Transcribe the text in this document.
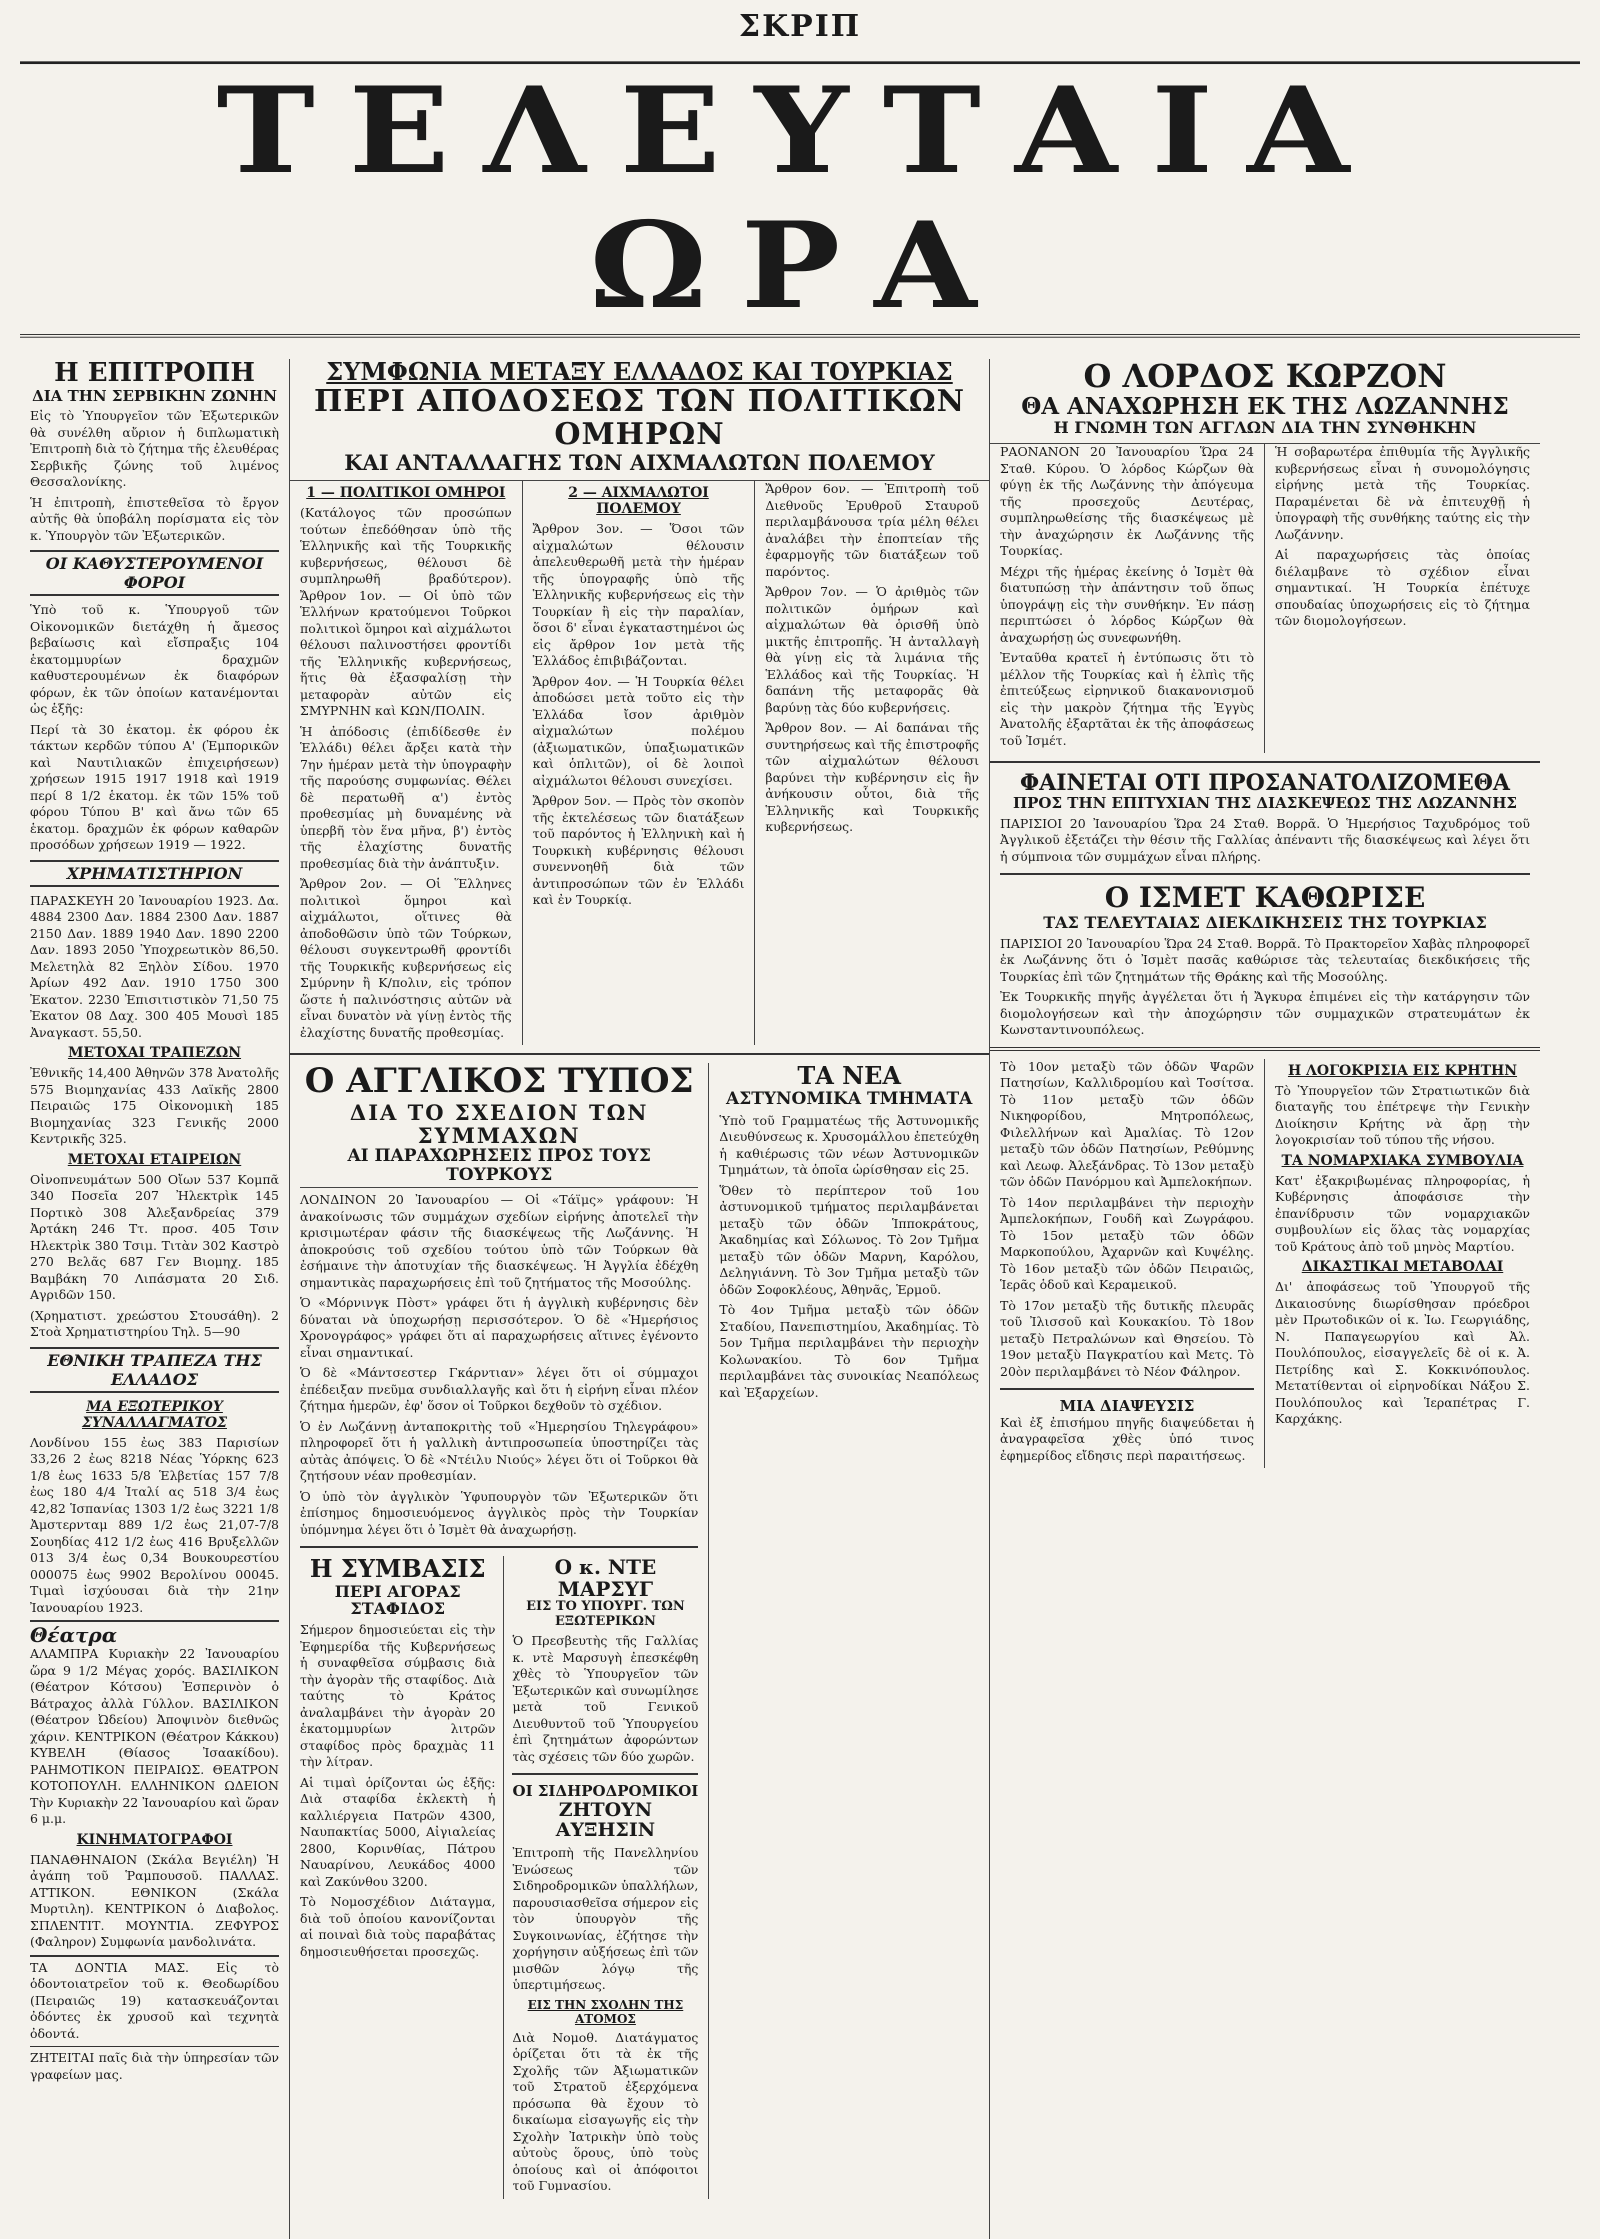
ΣΚΡΙΠ
ΤΕΛΕΥΤΑΙΑ ΩΡΑ
Η ΕΠΙΤΡΟΠΗ
ΔΙΑ ΤΗΝ ΣΕΡΒΙΚΗΝ ΖΩΝΗΝ

Εἰς τὸ Ὑπουργεῖον τῶν Ἐξωτερικῶν θὰ συνέλθη αὔριον ἡ διπλωματικὴ Ἐπιτροπὴ διὰ τὸ ζήτημα τῆς ἐλευθέρας Σερβικῆς ζώνης τοῦ λιμένος Θεσσαλονίκης.

Ἡ ἐπιτροπὴ, ἐπιστεθεῖσα τὸ ἔργον αὐτῆς θὰ ὑποβάλη πορίσματα εἰς τὸν κ. Ὑπουργὸν τῶν Ἐξωτερικῶν.

ΟΙ ΚΑΘΥΣΤΕΡΟΥΜΕΝΟΙ ΦΟΡΟΙ

Ὑπὸ τοῦ κ. Ὑπουργοῦ τῶν Οἰκονομικῶν διετάχθη ἡ ἄμεσος βεβαίωσις καὶ εἴσπραξις 104 ἑκατομμυρίων δραχμῶν καθυστερουμένων ἐκ διαφόρων φόρων, ἐκ τῶν ὁποίων κατανέμονται ὡς ἑξῆς:

Περί τὰ 30 ἑκατομ. ἐκ φόρου ἐκ τάκτων κερδῶν τύπου Α' (Ἐμπορικῶν καὶ Ναυτιλιακῶν ἐπιχειρήσεων) χρήσεων 1915 1917 1918 καὶ 1919 περί 8 1/2 ἑκατομ. ἐκ τῶν 15% τοῦ φόρου Τύπου Β' καὶ ἄνω τῶν 65 ἑκατομ. δραχμῶν ἐκ φόρων καθαρῶν προσόδων χρήσεων 1919 — 1922.

ΧΡΗΜΑΤΙΣΤΗΡΙΟΝ

ΠΑΡΑΣΚΕΥΗ 20 Ἰανουαρίου 1923. Δα. 4884 2300 Δαν. 1884 2300 Δαν. 1887 2150 Δαν. 1889 1940 Δαν. 1890 2200 Δαν. 1893 2050 Ὑποχρεωτικὸν 86,50. Μελετηλὰ 82 Ξηλὸν Σίδου. 1970 Ἀρίων 492 Δαν. 1910 1750 300 Ἐκατον. 2230 Ἐπισιτιστικὸν 71,50 75 Ἐκατον 08 Δαχ. 300 405 Μουσὶ 185 Ἀναγκαστ. 55,50.

ΜΕΤΟΧΑΙ ΤΡΑΠΕΖΩΝ

Ἐθνικῆς 14,400 Ἀθηνῶν 378 Ἀνατολῆς 575 Βιομηχανίας 433 Λαϊκῆς 2800 Πειραιῶς 175 Οἰκονομικὴ 185 Βιομηχανίας 323 Γενικῆς 2000 Κεντρικῆς 325.

ΜΕΤΟΧΑΙ ΕΤΑΙΡΕΙΩΝ

Οἰνοπνευμάτων 500 Οἴων 537 Κομπᾶ 340 Ποσεῖα 207 Ἠλεκτρὶκ 145 Πορτικὸ 308 Ἀλεξανδρείας 379 Ἀρτάκη 246 Ττ. προσ. 405 Τσιν Ηλεκτρὶκ 380 Τσιμ. Τιτὰν 302 Καστρὸ 270 Βελᾶς 687 Γεν Βιομηχ. 185 Βαμβάκη 70 Λιπάσματα 20 Σιδ. Αγριδῶν 150.

(Χρηματιστ. χρεώστου Στουσάθη). 2 Στοὰ Χρηματιστηρίου Τηλ. 5—90

ΕΘΝΙΚΗ ΤΡΑΠΕΖΑ ΤΗΣ ΕΛΛΑΔΟΣ
ΜΑ ΕΞΩΤΕΡΙΚΟΥ ΣΥΝΑΛΛΑΓΜΑΤΟΣ

Λονδίνου 155 ἐως 383 Παρισίων 33,26 2 ἐως 8218 Νέας Ὑόρκης 623 1/8 ἐως 1633 5/8 Ἑλβετίας 157 7/8 ἐως 180 4/4 Ἰταλί ας 518 3/4 ἐως 42,82 Ἱσπανίας 1303 1/2 ἐως 3221 1/8 Ἀμστερνταμ 889 1/2 ἐως 21,07-7/8 Σουηδίας 412 1/2 ἐως 416 Βρυξελλῶν 013 3/4 ἐως 0,34 Βουκουρεστίου 000075 ἐως 9902 Βερολίνου 00045. Τιμαὶ ἰσχύουσαι διὰ τὴν 21ην Ἰανουαρίου 1923.

Θέατρα

ΑΛΑΜΠΡΑ Κυριακὴν 22 Ἰανουαρίου ὥρα 9 1/2 Μέγας χορός. ΒΑΣΙΛΙΚΟΝ (Θέατρον Κότσου) Ἑσπερινὸν ὁ Βάτραχος ἀλλὰ Γύλλον. ΒΑΣΙΛΙΚΟΝ (Θέατρον Ὠδείου) Ἀποψινὸν διεθνῶς χάριν. ΚΕΝΤΡΙΚΟΝ (Θέατρον Κάκκου) ΚΥΒΕΛΗ (Θίασος Ἰσαακίδου). ΡΑΗΜΟΤΙΚΟΝ ΠΕΙΡΑΙΩΣ. ΘΕΑΤΡΟΝ ΚΟΤΟΠΟΥΛΗ. ΕΛΛΗΝΙΚΟΝ ΩΔΕΙΟΝ Τὴν Κυριακὴν 22 Ἰανουαρίου καὶ ὥραν 6 μ.μ.

ΚΙΝΗΜΑΤΟΓΡΑΦΟΙ

ΠΑΝΑΘΗΝΑΙΟΝ (Σκάλα Βεγιέλη) Ἡ ἀγάπη τοῦ Ῥαμπουσοῦ. ΠΑΛΛΑΣ. ΑΤΤΙΚΟΝ. ΕΘΝΙΚΟΝ (Σκάλα Μυρτιλη). ΚΕΝΤΡΙΚΟΝ ὁ Διαβολος. ΣΠΛΕΝΤΙΤ. ΜΟΥΝΤΙΑ. ΖΕΦΥΡΟΣ (Φαληρον) Συμφωνία μανδολινάτα.

ΤΑ ΔΟΝΤΙΑ ΜΑΣ. Εἰς τὸ ὁδοντοιατρεῖον τοῦ κ. Θεοδωρίδου (Πειραιῶς 19) κατασκευάζονται ὀδόντες ἐκ χρυσοῦ καὶ τεχνητὰ ὀδοντά.

ΖΗΤΕΙΤΑΙ παῖς διὰ τὴν ὑπηρεσίαν τῶν γραφείων μας.

ΣΥΜΦΩΝΙΑ ΜΕΤΑΞΥ ΕΛΛΑΔΟΣ ΚΑΙ ΤΟΥΡΚΙΑΣ
ΠΕΡΙ ΑΠΟΔΟΣΕΩΣ ΤΩΝ ΠΟΛΙΤΙΚΩΝ ΟΜΗΡΩΝ
ΚΑΙ ΑΝΤΑΛΛΑΓΗΣ ΤΩΝ ΑΙΧΜΑΛΩΤΩΝ ΠΟΛΕΜΟΥ
1 — ΠΟΛΙΤΙΚΟΙ ΟΜΗΡΟΙ

(Κατάλογος τῶν προσώπων τούτων ἐπεδόθησαν ὑπὸ τῆς Ἑλληνικῆς καὶ τῆς Τουρκικῆς κυβερνήσεως, θέλουσι δὲ συμπληρωθῆ βραδύτερον). Ἄρθρον 1ον. — Οἱ ὑπὸ τῶν Ἑλλήνων κρατούμενοι Τοῦρκοι πολιτικοὶ ὅμηροι καὶ αἰχμάλωτοι θέλουσι παλινοστήσει φροντίδι τῆς Ἑλληνικῆς κυβερνήσεως, ἥτις θὰ ἐξασφαλίσῃ τὴν μεταφορὰν αὐτῶν εἰς ΣΜΥΡΝΗΝ καὶ ΚΩΝ/ΠΟΛΙΝ.

Ἡ ἀπόδοσις (ἐπιδίδεσθε ἐν Ἑλλάδι) θέλει ἄρξει κατὰ τὴν 7ην ἡμέραν μετὰ τὴν ὑπογραφὴν τῆς παρούσης συμφωνίας. Θέλει δὲ περατωθῆ α') ἐντὸς προθεσμίας μὴ δυναμένης νὰ ὑπερβῆ τὸν ἕνα μῆνα, β') ἐντὸς τῆς ἐλαχίστης δυνατῆς προθεσμίας διὰ τὴν ἀνάπτυξιν.

Ἄρθρον 2ον. — Οἱ Ἕλληνες πολιτικοὶ ὅμηροι καὶ αἰχμάλωτοι, οἵτινες θὰ ἀποδοθῶσιν ὑπὸ τῶν Τούρκων, θέλουσι συγκεντρωθῆ φροντίδι τῆς Τουρκικῆς κυβερνήσεως εἰς Σμύρνην ἢ Κ/πολιν, εἰς τρόπον ὥστε ἡ παλινόστησις αὐτῶν νὰ εἶναι δυνατὸν νὰ γίνῃ ἐντὸς τῆς ἐλαχίστης δυνατῆς προθεσμίας.

2 — ΑΙΧΜΑΛΩΤΟΙ ΠΟΛΕΜΟΥ

Ἄρθρον 3ον. — Ὅσοι τῶν αἰχμαλώτων θέλουσιν ἀπελευθερωθῆ μετὰ τὴν ἡμέραν τῆς ὑπογραφῆς ὑπὸ τῆς Ἑλληνικῆς κυβερνήσεως εἰς τὴν Τουρκίαν ἢ εἰς τὴν παραλίαν, ὅσοι δ' εἶναι ἐγκαταστημένοι ὡς εἰς ἄρθρον 1ον μετὰ τῆς Ἑλλάδος ἐπιβιβάζονται.

Ἄρθρον 4ον. — Ἡ Τουρκία θέλει ἀποδώσει μετὰ τοῦτο εἰς τὴν Ἑλλάδα ἴσον ἀριθμὸν αἰχμαλώτων πολέμου (ἀξιωματικῶν, ὑπαξιωματικῶν καὶ ὁπλιτῶν), οἱ δὲ λοιποὶ αἰχμάλωτοι θέλουσι συνεχίσει.

Ἄρθρον 5ον. — Πρὸς τὸν σκοπὸν τῆς ἐκτελέσεως τῶν διατάξεων τοῦ παρόντος ἡ Ἑλληνικὴ καὶ ἡ Τουρκικὴ κυβέρνησις θέλουσι συνεννοηθῆ διὰ τῶν ἀντιπροσώπων τῶν ἐν Ἑλλάδι καὶ ἐν Τουρκίᾳ.

Ἄρθρον 6ον. — Ἐπιτροπὴ τοῦ Διεθνοῦς Ἐρυθροῦ Σταυροῦ περιλαμβάνουσα τρία μέλη θέλει ἀναλάβει τὴν ἐποπτείαν τῆς ἐφαρμογῆς τῶν διατάξεων τοῦ παρόντος.

Ἄρθρον 7ον. — Ὁ ἀριθμὸς τῶν πολιτικῶν ὁμήρων καὶ αἰχμαλώτων θὰ ὁρισθῆ ὑπὸ μικτῆς ἐπιτροπῆς. Ἡ ἀνταλλαγὴ θὰ γίνῃ εἰς τὰ λιμάνια τῆς Ἑλλάδος καὶ τῆς Τουρκίας. Ἡ δαπάνη τῆς μεταφορᾶς θὰ βαρύνῃ τὰς δύο κυβερνήσεις.

Ἄρθρον 8ον. — Αἱ δαπάναι τῆς συντηρήσεως καὶ τῆς ἐπιστροφῆς τῶν αἰχμαλώτων θέλουσι βαρύνει τὴν κυβέρνησιν εἰς ἣν ἀνήκουσιν οὗτοι, διὰ τῆς Ἑλληνικῆς καὶ Τουρκικῆς κυβερνήσεως.

Ο ΑΓΓΛΙΚΟΣ ΤΥΠΟΣ
ΔΙΑ ΤΟ ΣΧΕΔΙΟΝ ΤΩΝ ΣΥΜΜΑΧΩΝ
ΑΙ ΠΑΡΑΧΩΡΗΣΕΙΣ ΠΡΟΣ ΤΟΥΣ ΤΟΥΡΚΟΥΣ

ΛΟΝΔΙΝΟΝ 20 Ἰανουαρίου — Οἱ «Τάϊμς» γράφουν: Ἡ ἀνακοίνωσις τῶν συμμάχων σχεδίων εἰρήνης ἀποτελεῖ τὴν κρισιμωτέραν φάσιν τῆς διασκέψεως τῆς Λωζάννης. Ἡ ἀποκρούσις τοῦ σχεδίου τούτου ὑπὸ τῶν Τούρκων θὰ ἐσήμαινε τὴν ἀποτυχίαν τῆς διασκέψεως. Ἡ Ἀγγλία ἐδέχθη σημαντικὰς παραχωρήσεις ἐπὶ τοῦ ζητήματος τῆς Μοσούλης.

Ὁ «Μόρνινγκ Πὸστ» γράφει ὅτι ἡ ἀγγλικὴ κυβέρνησις δὲν δύναται νὰ ὑποχωρήσῃ περισσότερον. Ὁ δὲ «Ἡμερήσιος Χρονογράφος» γράφει ὅτι αἱ παραχωρήσεις αἵτινες ἐγένοντο εἶναι σημαντικαί.

Ὁ δὲ «Μάντσεστερ Γκάρντιαν» λέγει ὅτι οἱ σύμμαχοι ἐπέδειξαν πνεῦμα συνδιαλλαγῆς καὶ ὅτι ἡ εἰρήνη εἶναι πλέον ζήτημα ἡμερῶν, ἐφ' ὅσον οἱ Τοῦρκοι δεχθοῦν τὸ σχέδιον.

Ὁ ἐν Λωζάννῃ ἀνταποκριτὴς τοῦ «Ἡμερησίου Τηλεγράφου» πληροφορεῖ ὅτι ἡ γαλλικὴ ἀντιπροσωπεία ὑποστηρίζει τὰς αὐτὰς ἀπόψεις. Ὁ δὲ «Ντέιλυ Νιούς» λέγει ὅτι οἱ Τοῦρκοι θὰ ζητήσουν νέαν προθεσμίαν.

Ὁ ὑπὸ τὸν ἀγγλικὸν Ὑφυπουργὸν τῶν Ἐξωτερικῶν ὅτι ἐπίσημος δημοσιευόμενος ἀγγλικὸς πρὸς τὴν Τουρκίαν ὑπόμνημα λέγει ὅτι ὁ Ἰσμὲτ θὰ ἀναχωρήσῃ.

Η ΣΥΜΒΑΣΙΣ
ΠΕΡΙ ΑΓΟΡΑΣ ΣΤΑΦΙΔΟΣ

Σήμερον δημοσιεύεται εἰς τὴν Ἐφημερίδα τῆς Κυβερνήσεως ἡ συναφθεῖσα σύμβασις διὰ τὴν ἀγορὰν τῆς σταφίδος. Διὰ ταύτης τὸ Κράτος ἀναλαμβάνει τὴν ἀγορὰν 20 ἑκατομμυρίων λιτρῶν σταφίδος πρὸς δραχμὰς 11 τὴν λίτραν.

Αἱ τιμαὶ ὁρίζονται ὡς ἑξῆς: Διὰ σταφίδα ἐκλεκτὴ ἡ καλλιέργεια Πατρῶν 4300, Ναυπακτίας 5000, Αἰγιαλείας 2800, Κορινθίας, Πάτρου Ναυαρίνου, Λευκάδος 4000 καὶ Ζακύνθου 3200.

Τὸ Νομοσχέδιον Διάταγμα, διὰ τοῦ ὁποίου κανονίζονται αἱ ποιναὶ διὰ τοὺς παραβάτας δημοσιευθήσεται προσεχῶς.

Ο κ. ΝΤΕ ΜΑΡΣΥΓ
ΕΙΣ ΤΟ ΥΠΟΥΡΓ. ΤΩΝ ΕΞΩΤΕΡΙΚΩΝ

Ὁ Πρεσβευτὴς τῆς Γαλλίας κ. ντὲ Μαρσυγὴ ἐπεσκέφθη χθὲς τὸ Ὑπουργεῖον τῶν Ἐξωτερικῶν καὶ συνωμίλησε μετὰ τοῦ Γενικοῦ Διευθυντοῦ τοῦ Ὑπουργείου ἐπὶ ζητημάτων ἀφορώντων τὰς σχέσεις τῶν δύο χωρῶν.

ΟΙ ΣΙΔΗΡΟΔΡΟΜΙΚΟΙ
ΖΗΤΟΥΝ ΑΥΞΗΣΙΝ

Ἐπιτροπὴ τῆς Πανελληνίου Ἑνώσεως τῶν Σιδηροδρομικῶν ὑπαλλήλων, παρουσιασθεῖσα σήμερον εἰς τὸν ὑπουργὸν τῆς Συγκοινωνίας, ἐζήτησε τὴν χορήγησιν αὐξήσεως ἐπὶ τῶν μισθῶν λόγῳ τῆς ὑπερτιμήσεως.

ΕΙΣ ΤΗΝ ΣΧΟΛΗΝ ΤΗΣ ΑΤΟΜΟΣ

Διὰ Νομοθ. Διατάγματος ὁρίζεται ὅτι τὰ ἐκ τῆς Σχολῆς τῶν Ἀξιωματικῶν τοῦ Στρατοῦ ἐξερχόμενα πρόσωπα θὰ ἔχουν τὸ δικαίωμα εἰσαγωγῆς εἰς τὴν Σχολὴν Ἰατρικὴν ὑπὸ τοὺς αὐτοὺς ὅρους, ὑπὸ τοὺς ὁποίους καὶ οἱ ἀπόφοιτοι τοῦ Γυμνασίου.

ΤΑ ΝΕΑ
ΑΣΤΥΝΟΜΙΚΑ ΤΜΗΜΑΤΑ

Ὑπὸ τοῦ Γραμματέως τῆς Ἀστυνομικῆς Διευθύνσεως κ. Χρυσομάλλου ἐπετεύχθη ἡ καθιέρωσις τῶν νέων Ἀστυνομικῶν Τμημάτων, τὰ ὁποῖα ὡρίσθησαν εἰς 25.

Ὅθεν τὸ περίπτερον τοῦ 1ου ἀστυνομικοῦ τμήματος περιλαμβάνεται μεταξὺ τῶν ὁδῶν Ἱπποκράτους, Ἀκαδημίας καὶ Σόλωνος. Τὸ 2ον Τμῆμα μεταξὺ τῶν ὁδῶν Μαρνη, Καρόλου, Δεληγιάννη. Τὸ 3ον Τμῆμα μεταξὺ τῶν ὁδῶν Σοφοκλέους, Ἀθηνᾶς, Ἑρμοῦ.

Τὸ 4ον Τμῆμα μεταξὺ τῶν ὁδῶν Σταδίου, Πανεπιστημίου, Ἀκαδημίας. Τὸ 5ον Τμῆμα περιλαμβάνει τὴν περιοχὴν Κολωνακίου. Τὸ 6ον Τμῆμα περιλαμβάνει τὰς συνοικίας Νεαπόλεως καὶ Ἐξαρχείων.

Ο ΛΟΡΔΟΣ ΚΩΡΖΟΝ
ΘΑ ΑΝΑΧΩΡΗΣΗ ΕΚ ΤΗΣ ΛΩΖΑΝΝΗΣ
Η ΓΝΩΜΗ ΤΩΝ ΑΓΓΛΩΝ ΔΙΑ ΤΗΝ ΣΥΝΘΗΚΗΝ

ΡΑΟΝΑΝΟΝ 20 Ἰανουαρίου Ὥρα 24 Σταθ. Κύρου. Ὁ λόρδος Κώρζων θὰ φύγῃ ἐκ τῆς Λωζάννης τὴν ἀπόγευμα τῆς προσεχοῦς Δευτέρας, συμπληρωθείσης τῆς διασκέψεως μὲ τὴν ἀναχώρησιν ἐκ Λωζάννης τῆς Τουρκίας.

Μέχρι τῆς ἡμέρας ἐκείνης ὁ Ἰσμὲτ θὰ διατυπώσῃ τὴν ἀπάντησιν τοῦ ὅπως ὑπογράψῃ εἰς τὴν συνθήκην. Ἐν πάσῃ περιπτώσει ὁ λόρδος Κώρζων θὰ ἀναχωρήσῃ ὡς συνεφωνήθη.

Ἐνταῦθα κρατεῖ ἡ ἐντύπωσις ὅτι τὸ μέλλον τῆς Τουρκίας καὶ ἡ ἐλπὶς τῆς ἐπιτεύξεως εἰρηνικοῦ διακανονισμοῦ εἰς τὴν μακρὸν ζήτημα τῆς Ἐγγὺς Ἀνατολῆς ἐξαρτᾶται ἐκ τῆς ἀποφάσεως τοῦ Ἰσμέτ.

Ἡ σοβαρωτέρα ἐπιθυμία τῆς Ἀγγλικῆς κυβερνήσεως εἶναι ἡ συνομολόγησις εἰρήνης μετὰ τῆς Τουρκίας. Παραμένεται δὲ νὰ ἐπιτευχθῇ ἡ ὑπογραφὴ τῆς συνθήκης ταύτης εἰς τὴν Λωζάννην.

Αἱ παραχωρήσεις τὰς ὁποίας διέλαμβανε τὸ σχέδιον εἶναι σημαντικαί. Ἡ Τουρκία ἐπέτυχε σπουδαίας ὑποχωρήσεις εἰς τὸ ζήτημα τῶν διομολογήσεων.

ΦΑΙΝΕΤΑΙ ΟΤΙ ΠΡΟΣΑΝΑΤΟΛΙΖΟΜΕΘΑ
ΠΡΟΣ ΤΗΝ ΕΠΙΤΥΧΙΑΝ ΤΗΣ ΔΙΑΣΚΕΨΕΩΣ ΤΗΣ ΛΩΖΑΝΝΗΣ

ΠΑΡΙΣΙΟΙ 20 Ἰανουαρίου Ὥρα 24 Σταθ. Βορρᾶ. Ὁ Ἡμερήσιος Ταχυδρόμος τοῦ Ἀγγλικοῦ ἐξετάζει τὴν θέσιν τῆς Γαλλίας ἀπέναντι τῆς διασκέψεως καὶ λέγει ὅτι ἡ σύμπνοια τῶν συμμάχων εἶναι πλήρης.

Ο ΙΣΜΕΤ ΚΑΘΩΡΙΣΕ
ΤΑΣ ΤΕΛΕΥΤΑΙΑΣ ΔΙΕΚΔΙΚΗΣΕΙΣ ΤΗΣ ΤΟΥΡΚΙΑΣ

ΠΑΡΙΣΙΟΙ 20 Ἰανουαρίου Ὥρα 24 Σταθ. Βορρᾶ. Τὸ Πρακτορεῖον Χαβὰς πληροφορεῖ ἐκ Λωζάννης ὅτι ὁ Ἰσμὲτ πασᾶς καθώρισε τὰς τελευταίας διεκδικήσεις τῆς Τουρκίας ἐπὶ τῶν ζητημάτων τῆς Θράκης καὶ τῆς Μοσούλης.

Ἐκ Τουρκικῆς πηγῆς ἀγγέλεται ὅτι ἡ Ἄγκυρα ἐπιμένει εἰς τὴν κατάργησιν τῶν διομολογήσεων καὶ τὴν ἀποχώρησιν τῶν συμμαχικῶν στρατευμάτων ἐκ Κωνσταντινουπόλεως.

Τὸ 10ον μεταξὺ τῶν ὁδῶν Ψαρῶν Πατησίων, Καλλιδρομίου καὶ Τοσίτσα. Τὸ 11ον μεταξὺ τῶν ὁδῶν Νικηφορίδου, Μητροπόλεως, Φιλελλήνων καὶ Ἀμαλίας. Τὸ 12ον μεταξὺ τῶν ὁδῶν Πατησίων, Ρεθύμνης καὶ Λεωφ. Ἀλεξάνδρας. Τὸ 13ον μεταξὺ τῶν ὁδῶν Πανόρμου καὶ Ἀμπελοκήπων.

Τὸ 14ον περιλαμβάνει τὴν περιοχὴν Ἀμπελοκήπων, Γουδῆ καὶ Ζωγράφου. Τὸ 15ον μεταξὺ τῶν ὁδῶν Μαρκοπούλου, Ἀχαρνῶν καὶ Κυψέλης. Τὸ 16ον μεταξὺ τῶν ὁδῶν Πειραιῶς, Ἱερᾶς ὁδοῦ καὶ Κεραμεικοῦ.

Τὸ 17ον μεταξὺ τῆς δυτικῆς πλευρᾶς τοῦ Ἰλισσοῦ καὶ Κουκακίου. Τὸ 18ον μεταξὺ Πετραλώνων καὶ Θησείου. Τὸ 19ον μεταξὺ Παγκρατίου καὶ Μετς. Τὸ 20ὸν περιλαμβάνει τὸ Νέον Φάληρον.

ΜΙΑ ΔΙΑΨΕΥΣΙΣ

Καὶ ἐξ ἐπισήμου πηγῆς διαψεύδεται ἡ ἀναγραφεῖσα χθὲς ὑπό τινος ἐφημερίδος εἴδησις περὶ παραιτήσεως.

Η ΛΟΓΟΚΡΙΣΙΑ ΕΙΣ ΚΡΗΤΗΝ

Τὸ Ὑπουργεῖον τῶν Στρατιωτικῶν διὰ διαταγῆς του ἐπέτρεψε τὴν Γενικὴν Διοίκησιν Κρήτης νὰ ἄρῃ τὴν λογοκρισίαν τοῦ τύπου τῆς νήσου.

ΤΑ ΝΟΜΑΡΧΙΑΚΑ ΣΥΜΒΟΥΛΙΑ

Κατ' ἐξακριβωμένας πληροφορίας, ἡ Κυβέρνησις ἀποφάσισε τὴν ἐπανίδρυσιν τῶν νομαρχιακῶν συμβουλίων εἰς ὅλας τὰς νομαρχίας τοῦ Κράτους ἀπὸ τοῦ μηνὸς Μαρτίου.

ΔΙΚΑΣΤΙΚΑΙ ΜΕΤΑΒΟΛΑΙ

Δι' ἀποφάσεως τοῦ Ὑπουργοῦ τῆς Δικαιοσύνης διωρίσθησαν πρόεδροι μὲν Πρωτοδικῶν οἱ κ. Ἰω. Γεωργιάδης, Ν. Παπαγεωργίου καὶ Ἀλ. Πουλόπουλος, εἰσαγγελεῖς δὲ οἱ κ. Ἀ. Πετρίδης καὶ Σ. Κοκκινόπουλος. Μετατίθενται οἱ εἰρηνοδίκαι Νάξου Σ. Πουλόπουλος καὶ Ἱεραπέτρας Γ. Καρχάκης.
